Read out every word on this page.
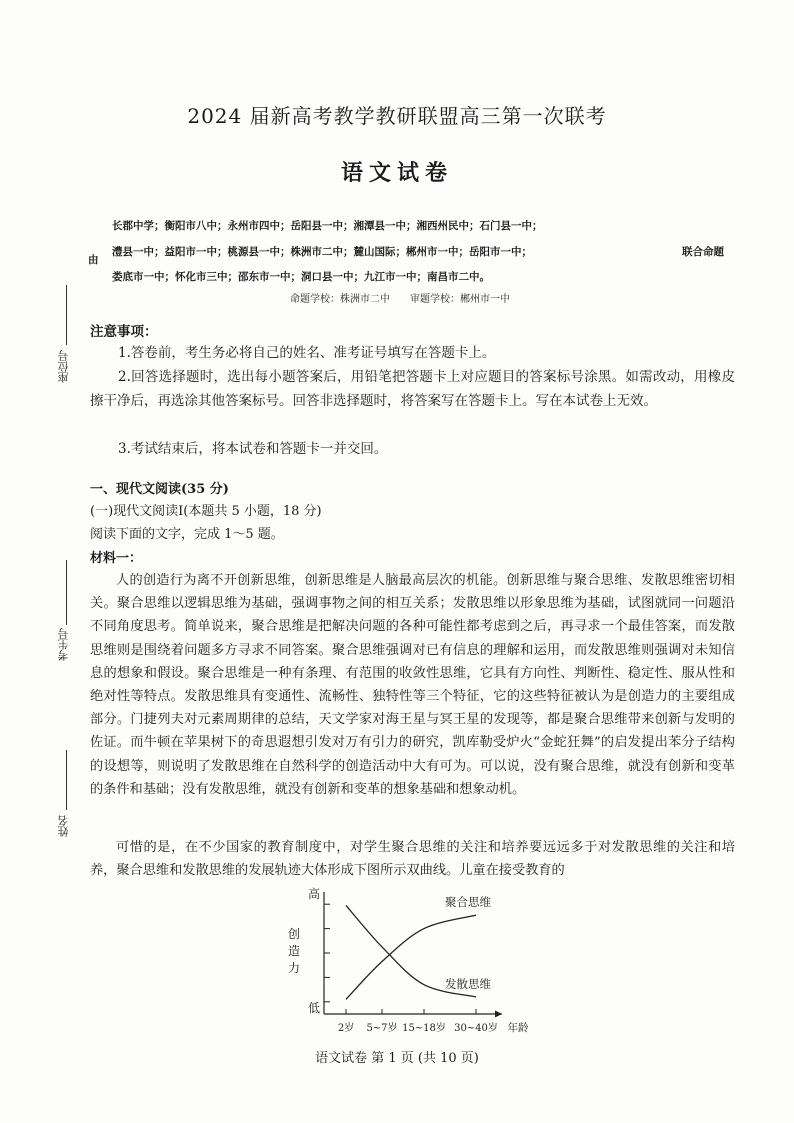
2024 届新高考教学教研联盟高三第一次联考
语文试卷
长郡中学；衡阳市八中；永州市四中；岳阳县一中；湘潭县一中；湘西州民中；石门县一中；
由
澧县一中；益阳市一中；桃源县一中；株洲市二中；麓山国际；郴州市一中；岳阳市一中；	联合命题
娄底市一中；怀化市三中；邵东市一中；洞口县一中；九江市一中；南昌市二中。
命题学校：株洲市二中　　审题学校：郴州市一中
座位号
考生号
姓名
注意事项：
1.答卷前，考生务必将自己的姓名、准考证号填写在答题卡上。
2.回答选择题时，选出每小题答案后，用铅笔把答题卡上对应题目的答案标号涂黑。如需改动，用橡皮擦干净后，再选涂其他答案标号。回答非选择题时，将答案写在答题卡上。写在本试卷上无效。
3.考试结束后，将本试卷和答题卡一并交回。
一、现代文阅读(35 分)
(一)现代文阅读Ⅰ(本题共 5 小题，18 分)
阅读下面的文字，完成 1～5 题。
材料一：
人的创造行为离不开创新思维，创新思维是人脑最高层次的机能。创新思维与聚合思维、发散思维密切相关。聚合思维以逻辑思维为基础，强调事物之间的相互关系；发散思维以形象思维为基础，试图就同一问题沿不同角度思考。简单说来，聚合思维是把解决问题的各种可能性都考虑到之后，再寻求一个最佳答案，而发散思维则是围绕着问题多方寻求不同答案。聚合思维强调对已有信息的理解和运用，而发散思维则强调对未知信息的想象和假设。聚合思维是一种有条理、有范围的收敛性思维，它具有方向性、判断性、稳定性、服从性和绝对性等特点。发散思维具有变通性、流畅性、独特性等三个特征，它的这些特征被认为是创造力的主要组成部分。门捷列夫对元素周期律的总结，天文学家对海王星与冥王星的发现等，都是聚合思维带来创新与发明的佐证。而牛顿在苹果树下的奇思遐想引发对万有引力的研究，凯库勒受炉火“金蛇狂舞”的启发提出苯分子结构的设想等，则说明了发散思维在自然科学的创造活动中大有可为。可以说，没有聚合思维，就没有创新和变革的条件和基础；没有发散思维，就没有创新和变革的想象基础和想象动机。
可惜的是，在不少国家的教育制度中，对学生聚合思维的关注和培养要远远多于对发散思维的关注和培养，聚合思维和发散思维的发展轨迹大体形成下图所示双曲线。儿童在接受教育的
2岁 5~7岁 15~18岁 30~40岁 年龄
高
低
创
造
力
聚合思维
发散思维
语文试卷 第 1 页 (共 10 页)
